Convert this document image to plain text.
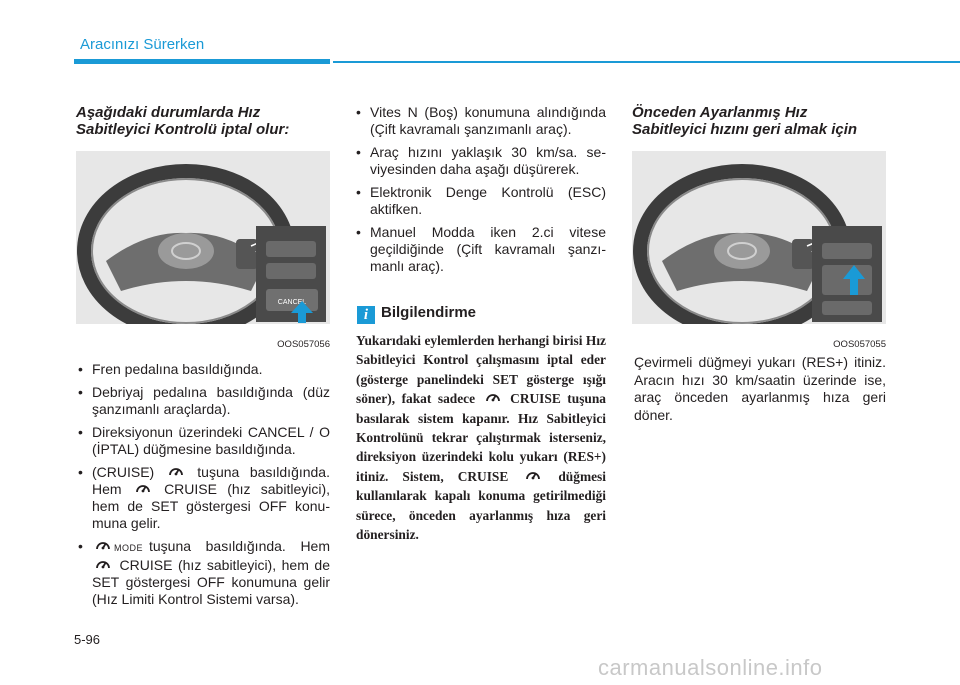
Aracınızı Sürerken
Aşağıdaki durumlarda Hız
Sabitleyici Kontrolü iptal olur:
CANCEL
OOS057056
• Fren pedalına basıldığında.
• Debriyaj pedalına basıldığında (düz şanzımanlı araçlarda).
• Direksiyonun üzerindeki CANCEL / O (İPTAL) düğmesine basıldığında.
• (CRUISE)	tuşuna basıldığında. Hem	CRUISE (hız sabitleyici), hem de SET göstergesi OFF konumuna gelir.
• MODE tuşuna basıldığında. Hem
CRUISE (hız sabitleyici), hem de SET göstergesi OFF konumuna gelir (Hız Limiti Kontrol Sistemi varsa).
• Vites N (Boş) konumuna alındığında (Çift kavramalı şanzımanlı araç).
• Araç hızını yaklaşık 30 km/sa. seviyesinden daha aşağı düşürerek.
• Elektronik Denge Kontrolü (ESC) aktifken.
• Manuel Modda iken 2.ci vitese geçildiğinde (Çift kavramalı şanzımanlı araç).
i Bilgilendirme
Yukarıdaki eylemlerden herhangi birisi Hız Sabitleyici Kontrol çalışmasını iptal eder (gösterge panelindeki SET gösterge ışığı söner), fakat sadece	CRUISE tuşuna basılarak sistem kapanır. Hız Sabitleyici Kontrolünü tekrar çalıştırmak isterseniz, direksiyon üzerindeki kolu yukarı (RES+) itiniz. Sistem, CRUISE	düğmesi kullanılarak kapalı konuma getirilmediği sürece, önceden ayarlanmış hıza geri dönersiniz.
Önceden Ayarlanmış Hız
Sabitleyici hızını geri almak için
OOS057055
Çevirmeli düğmeyi yukarı (RES+) itiniz. Aracın hızı 30 km/saatin üzerinde ise, araç önceden ayarlanmış hıza geri döner.
5-96
carmanualsonline.info
